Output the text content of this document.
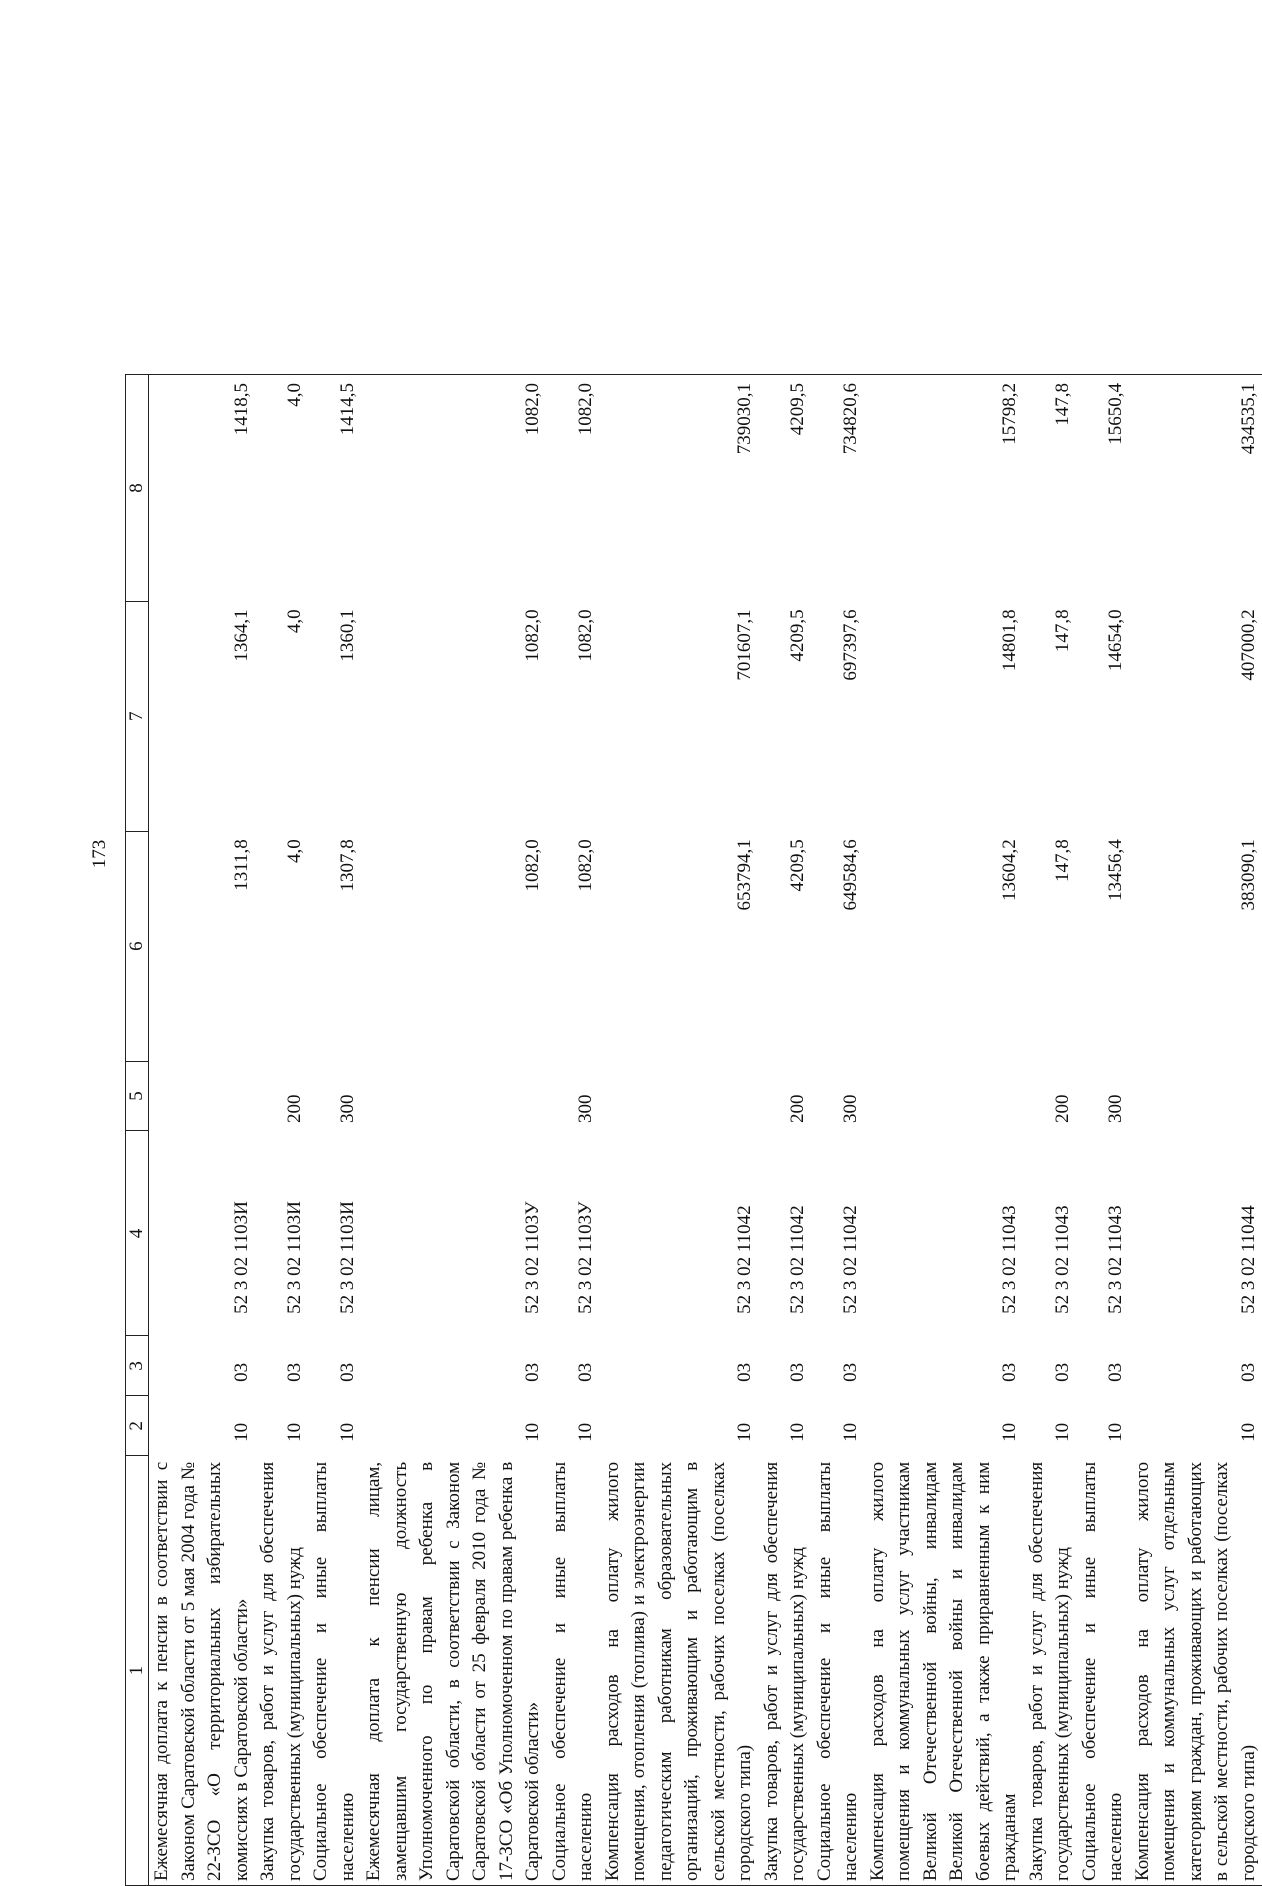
173
1	2	3	4	5	6	7	8
Ежемесячная доплата к пенсии в соответствии с Законом Саратовской области от 5 мая 2004 года № 22-ЗСО «О территориальных избирательных комиссиях в Саратовской области»	10	03	52 3 02 1103И		1311,8	1364,1	1418,5
Закупка товаров, работ и услуг для обеспечения государственных (муниципальных) нужд	10	03	52 3 02 1103И	200	4,0	4,0	4,0
Социальное обеспечение и иные выплаты населению	10	03	52 3 02 1103И	300	1307,8	1360,1	1414,5
Ежемесячная доплата к пенсии лицам, замещавшим государственную должность Уполномоченного по правам ребенка в Саратовской области, в соответствии с Законом Саратовской области от 25 февраля 2010 года № 17-ЗСО «Об Уполномоченном по правам ребенка в Саратовской области»	10	03	52 3 02 1103У		1082,0	1082,0	1082,0
Социальное обеспечение и иные выплаты населению	10	03	52 3 02 1103У	300	1082,0	1082,0	1082,0
Компенсация расходов на оплату жилого помещения, отопления (топлива) и электроэнергии педагогическим работникам образовательных организаций, проживающим и работающим в сельской местности, рабочих поселках (поселках городского типа)	10	03	52 3 02 11042		653794,1	701607,1	739030,1
Закупка товаров, работ и услуг для обеспечения государственных (муниципальных) нужд	10	03	52 3 02 11042	200	4209,5	4209,5	4209,5
Социальное обеспечение и иные выплаты населению	10	03	52 3 02 11042	300	649584,6	697397,6	734820,6
Компенсация расходов на оплату жилого помещения и коммунальных услуг участникам Великой Отечественной войны, инвалидам Великой Отечественной войны и инвалидам боевых действий, а также приравненным к ним гражданам	10	03	52 3 02 11043		13604,2	14801,8	15798,2
Закупка товаров, работ и услуг для обеспечения государственных (муниципальных) нужд	10	03	52 3 02 11043	200	147,8	147,8	147,8
Социальное обеспечение и иные выплаты населению	10	03	52 3 02 11043	300	13456,4	14654,0	15650,4
Компенсация расходов на оплату жилого помещения и коммунальных услуг отдельным категориям граждан, проживающих и работающих в сельской местности, рабочих поселках (поселках городского типа)	10	03	52 3 02 11044		383090,1	407000,2	434535,1
